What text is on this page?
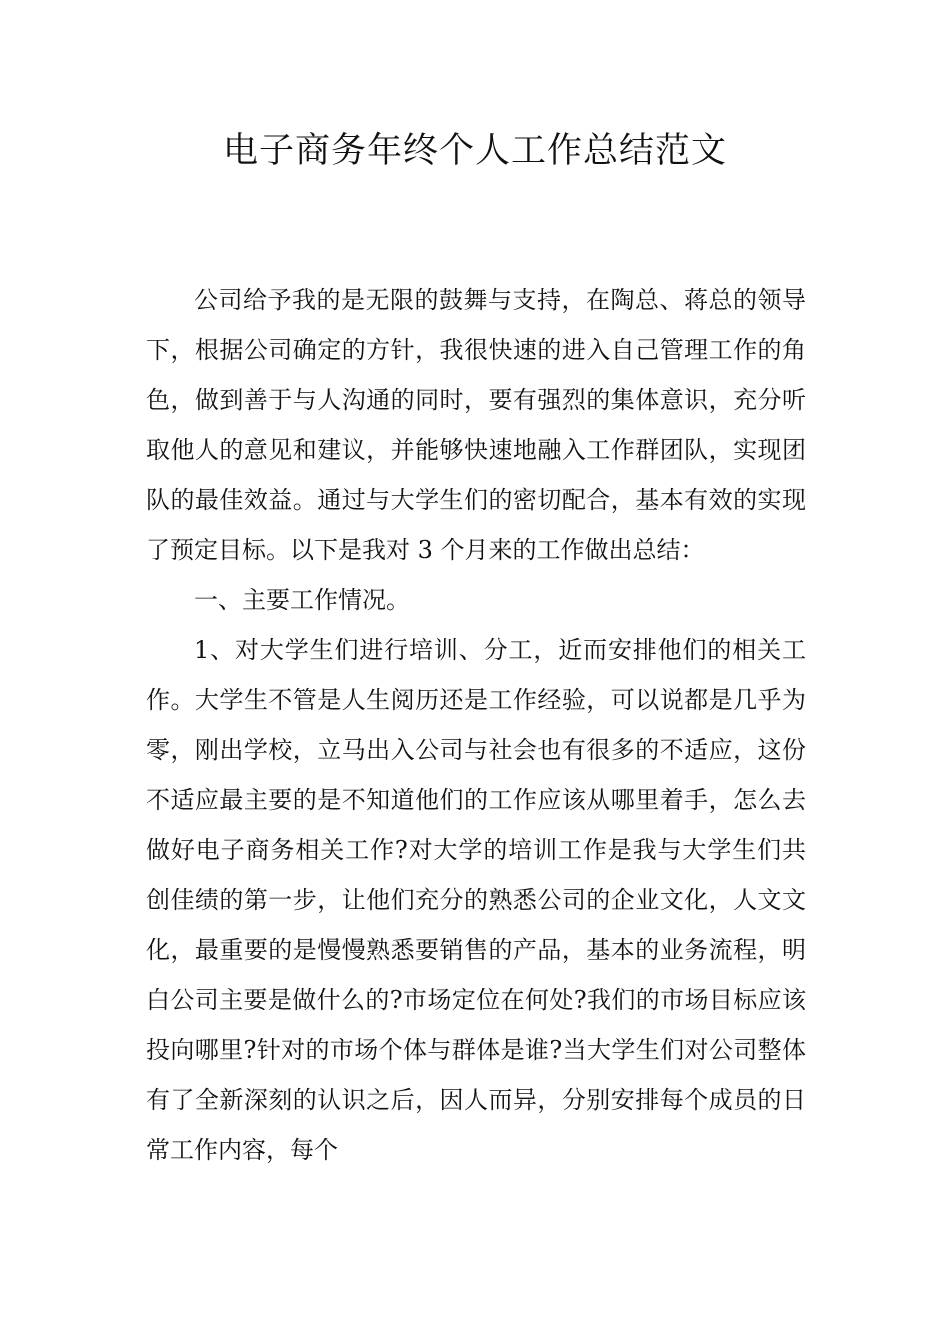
电子商务年终个人工作总结范文

公司给予我的是无限的鼓舞与支持，在陶总、蒋总的领导下，根据公司确定的方针，我很快速的进入自己管理工作的角色，做到善于与人沟通的同时，要有强烈的集体意识，充分听取他人的意见和建议，并能够快速地融入工作群团队，实现团队的最佳效益。通过与大学生们的密切配合，基本有效的实现了预定目标。以下是我对 3 个月来的工作做出总结：

一、主要工作情况。

1、对大学生们进行培训、分工，近而安排他们的相关工作。大学生不管是人生阅历还是工作经验，可以说都是几乎为零，刚出学校，立马出入公司与社会也有很多的不适应，这份不适应最主要的是不知道他们的工作应该从哪里着手，怎么去做好电子商务相关工作?对大学的培训工作是我与大学生们共创佳绩的第一步，让他们充分的熟悉公司的企业文化，人文文化，最重要的是慢慢熟悉要销售的产品，基本的业务流程，明白公司主要是做什么的?市场定位在何处?我们的市场目标应该投向哪里?针对的市场个体与群体是谁?当大学生们对公司整体有了全新深刻的认识之后，因人而异，分别安排每个成员的日常工作内容，每个
